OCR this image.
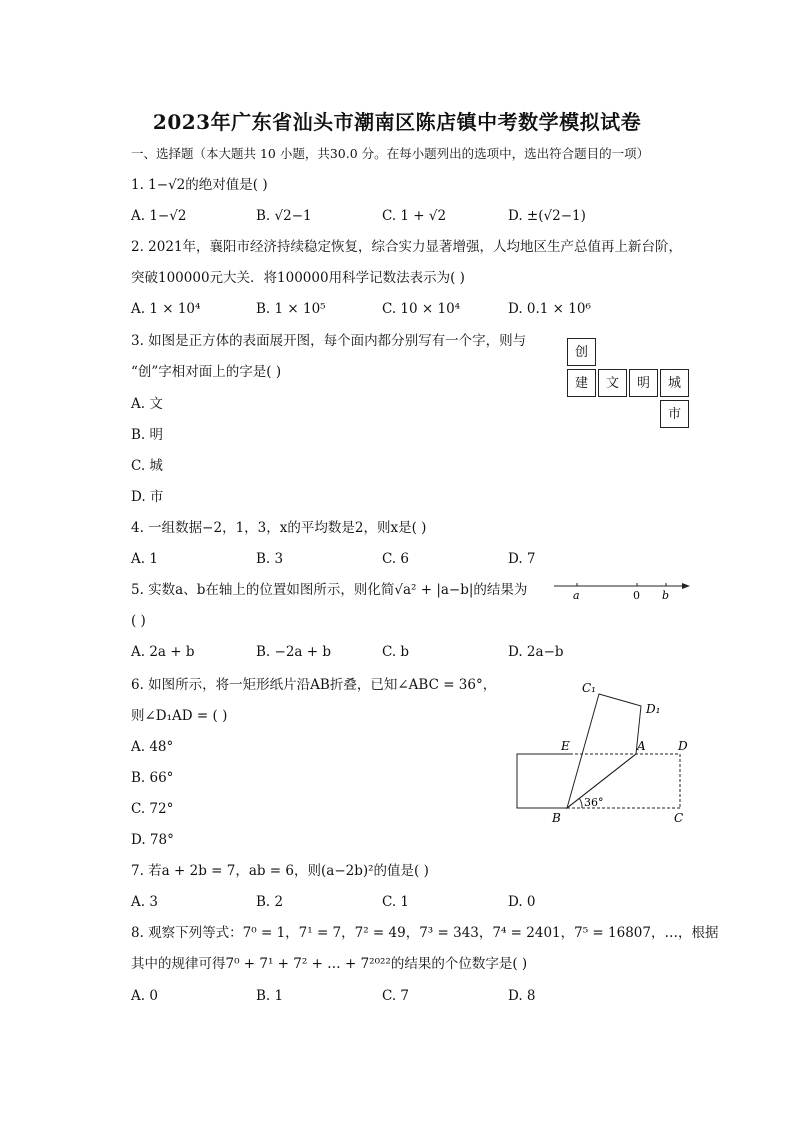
2023年广东省汕头市潮南区陈店镇中考数学模拟试卷
一、选择题（本大题共 10 小题，共30.0 分。在每小题列出的选项中，选出符合题目的一项）
1. 1−√2的绝对值是( )
A. 1−√2	B. √2−1	C. 1 + √2	D. ±(√2−1)
2. 2021年，襄阳市经济持续稳定恢复，综合实力显著增强，人均地区生产总值再上新台阶，
突破100000元大关．将100000用科学记数法表示为( )
A. 1 × 10⁴	B. 1 × 10⁵	C. 10 × 10⁴	D. 0.1 × 10⁶
3. 如图是正方体的表面展开图，每个面内都分别写有一个字，则与
“创”字相对面上的字是( )
A. 文
B. 明
C. 城
D. 市
创
建	文	明	城
市
4. 一组数据−2，1，3，x的平均数是2，则x是( )
A. 1	B. 3	C. 6	D. 7
5. 实数a、b在轴上的位置如图所示，则化简√a² + |a−b|的结果为
( )
A. 2a + b	B. −2a + b	C. b	D. 2a−b
a	0 b
6. 如图所示，将一矩形纸片沿AB折叠，已知∠ABC = 36°，
则∠D₁AD = ( )
A. 48°
B. 66°
C. 72°
D. 78°
C₁
D₁
E	A	D
B	C
36°
7. 若a + 2b = 7，ab = 6，则(a−2b)²的值是( )
A. 3	B. 2	C. 1	D. 0
8. 观察下列等式：7⁰ = 1，7¹ = 7，7² = 49，7³ = 343，7⁴ = 2401，7⁵ = 16807，…，根据
其中的规律可得7⁰ + 7¹ + 7² + … + 7²⁰²²的结果的个位数字是( )
A. 0	B. 1	C. 7	D. 8
